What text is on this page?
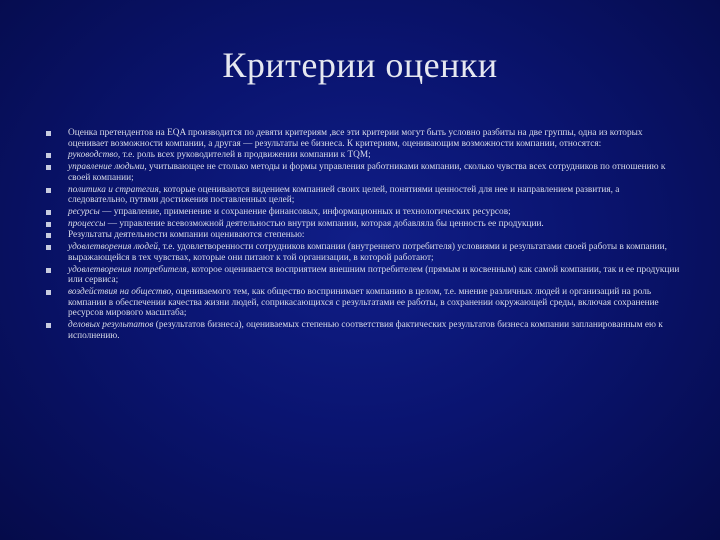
Критерии оценки
Оценка претендентов на EQA производится по девяти критериям ,все эти критерии могут быть условно разбиты на две группы, одна из которых оценивает возможности компании, а другая — результаты ее бизнеса. К критериям, оценивающим возможности компании, относятся:
руководство, т.е. роль всех руководителей в продвижении компании к TQM;
управление людьми, учитывающее не столько методы и формы управления работниками компании, сколько чувства всех сотрудников по отношению к своей компании;
политика и стратегия, которые оцениваются видением компанией своих целей, понятиями ценностей для нее и направлением развития, а следовательно, путями достижения поставленных целей;
ресурсы — управление, применение и сохранение финансовых, информационных и технологических ресурсов;
процессы — управление всевозможной деятельностью внутри компании, которая добавляла бы ценность ее продукции.
Результаты деятельности компании оцениваются степенью:
удовлетворения людей, т.е. удовлетворенности сотрудников компании (внутреннего потребителя) условиями и результатами своей работы в компании, выражающейся в тех чувствах, которые они питают к той организации, в которой работают;
удовлетворения потребителя, которое оценивается восприятием внешним потребителем (прямым и косвенным) как самой компании, так и ее продукции или сервиса;
воздействия на общество, оцениваемого тем, как общество воспринимает компанию в целом, т.е. мнение различных людей и организаций на роль компании в обеспечении качества жизни людей, соприкасающихся с результатами ее работы, в сохранении окружающей среды, включая сохранение ресурсов мирового масштаба;
деловых результатов (результатов бизнеса), оцениваемых степенью соответствия фактических результатов бизнеса компании запланированным ею к исполнению.
